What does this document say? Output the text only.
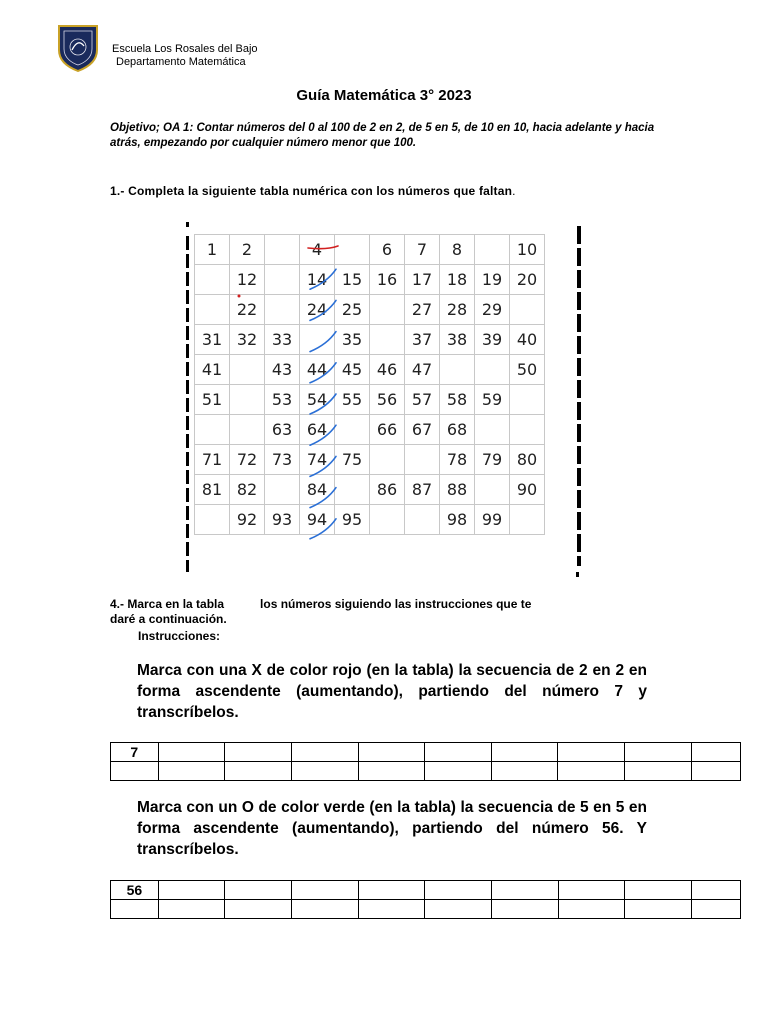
Escuela Los Rosales del Bajo
Departamento Matemática
Guía Matemática 3° 2023
Objetivo; OA 1: Contar números del 0 al 100 de 2 en 2, de 5 en 5, de 10 en 10, hacia adelante y hacia atrás, empezando por cualquier número menor que 100.
1.- Completa la siguiente tabla numérica con los números que faltan.
1	2		4		6	7	8		10
	12		14	15	16	17	18	19	20
	22		24	25		27	28	29	
31	32	33		35		37	38	39	40
41		43	44	45	46	47			50
51		53	54	55	56	57	58	59	
		63	64		66	67	68		
71	72	73	74	75			78	79	80
81	82		84		86	87	88		90
	92	93	94	95			98	99	
4.- Marca en la tabla	los números siguiendo las instrucciones que te
daré a continuación.
Instrucciones:
Marca con una X de color rojo (en la tabla) la secuencia de 2 en 2 en forma ascendente (aumentando), partiendo del número 7 y transcríbelos.
7									

Marca con un O de color verde (en la tabla) la secuencia de 5 en 5 en forma ascendente (aumentando), partiendo del número 56. Y transcríbelos.
56									
